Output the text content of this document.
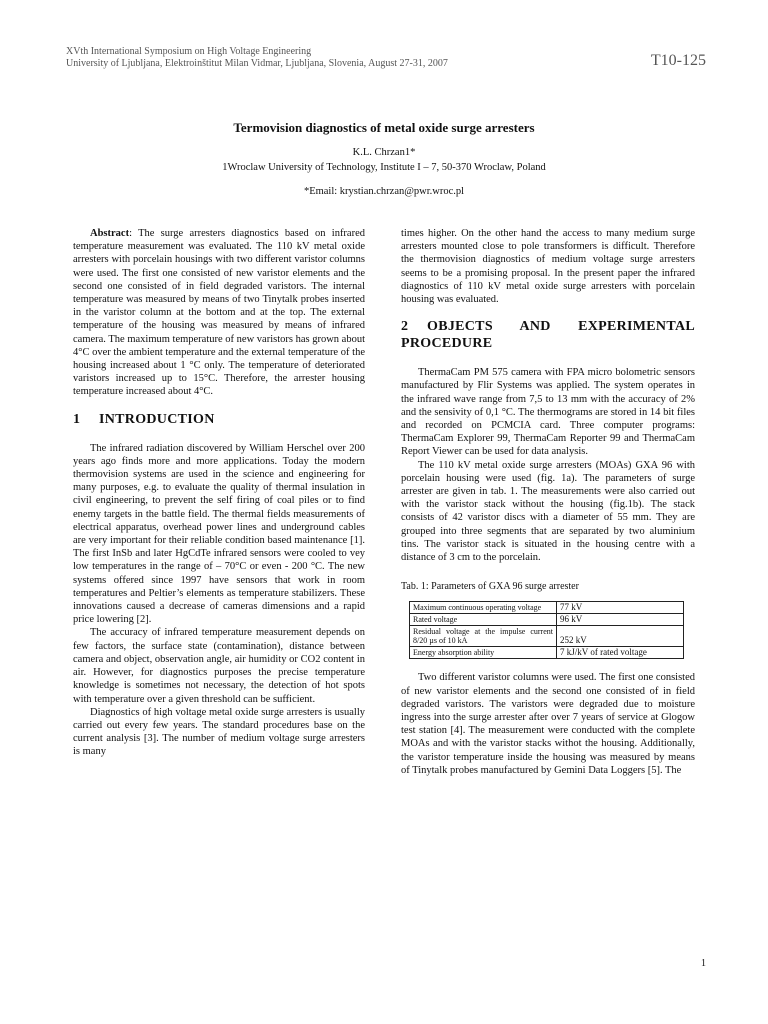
XVth International Symposium on High Voltage Engineering
University of Ljubljana, Elektroinštitut Milan Vidmar, Ljubljana, Slovenia, August 27-31, 2007	T10-125
Termovision diagnostics of metal oxide surge arresters
K.L. Chrzan1*
1Wroclaw University of Technology, Institute I – 7, 50-370 Wroclaw, Poland
*Email: krystian.chrzan@pwr.wroc.pl

Abstract: The surge arresters diagnostics based on infrared temperature measurement was evaluated. The 110 kV metal oxide arresters with porcelain housings with two different varistor columns were used. The first one consisted of new varistor elements and the second one consisted of in field degraded varistors. The internal temperature was measured by means of two Tinytalk probes inserted in the varistor column at the bottom and at the top. The external temperature of the housing was measured by means of infrared camera. The maximum temperature of new varistors has grown about 4°C over the ambient temperature and the external temperature of the housing increased about 1 °C only. The temperature of deteriorated varistors increased up to 15°C. Therefore, the arrester housing temperature increased about 4°C.

1 INTRODUCTION

The infrared radiation discovered by William Herschel over 200 years ago finds more and more applications. Today the modern thermovision systems are used in the science and engineering for many purposes, e.g. to evaluate the quality of thermal insulation in civil engineering, to prevent the self firing of coal piles or to find enemy targets in the battle field. The thermal fields measurements of electrical apparatus, overhead power lines and underground cables are very important for their reliable condition based maintenance [1]. The first InSb and later HgCdTe infrared sensors were cooled to vey low temperatures in the range of – 70°C or even - 200 °C. The new systems offered since 1997 have sensors that work in room temperatures and Peltier’s elements as temperature stabilizers. These innovations caused a decrease of cameras dimensions and a rapid price lowering [2].

The accuracy of infrared temperature measurement depends on few factors, the surface state (contamination), distance between camera and object, observation angle, air humidity or CO2 content in air. However, for diagnostics purposes the precise temperature knowledge is sometimes not necessary, the detection of hot spots with temperature over a given threshold can be sufficient.

Diagnostics of high voltage metal oxide surge arresters is usually carried out every few years. The standard procedures base on the current analysis [3]. The number of medium voltage surge arresters is many

times higher. On the other hand the access to many medium surge arresters mounted close to pole transformers is difficult. Therefore the thermovision diagnostics of medium voltage surge arresters seems to be a promising proposal. In the present paper the infrared diagnostics of 110 kV metal oxide surge arresters with porcelain housing was evaluated.

2 OBJECTS AND EXPERIMENTAL PROCEDURE

ThermaCam PM 575 camera with FPA micro bolometric sensors manufactured by Flir Systems was applied. The system operates in the infrared wave range from 7,5 to 13 mm with the accuracy of 2% and the sensivity of 0,1 °C. The thermograms are stored in 14 bit files and recorded on PCMCIA card. Three computer programs: ThermaCam Explorer 99, ThermaCam Reporter 99 and ThermaCam Report Viewer can be used for data analysis.

The 110 kV metal oxide surge arresters (MOAs) GXA 96 with porcelain housing were used (fig. 1a). The parameters of surge arrester are given in tab. 1. The measurements were also carried out with the varistor stack without the housing (fig.1b). The stack consists of 42 varistor discs with a diameter of 55 mm. They are grouped into three segments that are separated by two aluminium tins. The varistor stack is situated in the housing centre with a distance of 3 cm to the porcelain.

Tab. 1: Parameters of GXA 96 surge arrester
Maximum continuous operating voltage	77 kV
Rated voltage	96 kV
Residual voltage at the impulse current 8/20 µs of 10 kA	252 kV
Energy absorption ability	7 kJ/kV of rated voltage

Two different varistor columns were used. The first one consisted of new varistor elements and the second one consisted of in field degraded varistors. The varistors were degraded due to moisture ingress into the surge arrester after over 7 years of service at Glogow test station [4]. The measurement were conducted with the complete MOAs and with the varistor stacks withot the housing. Additionally, the varistor temperature inside the housing was measured by means of Tinytalk probes manufactured by Gemini Data Loggers [5]. The

1
